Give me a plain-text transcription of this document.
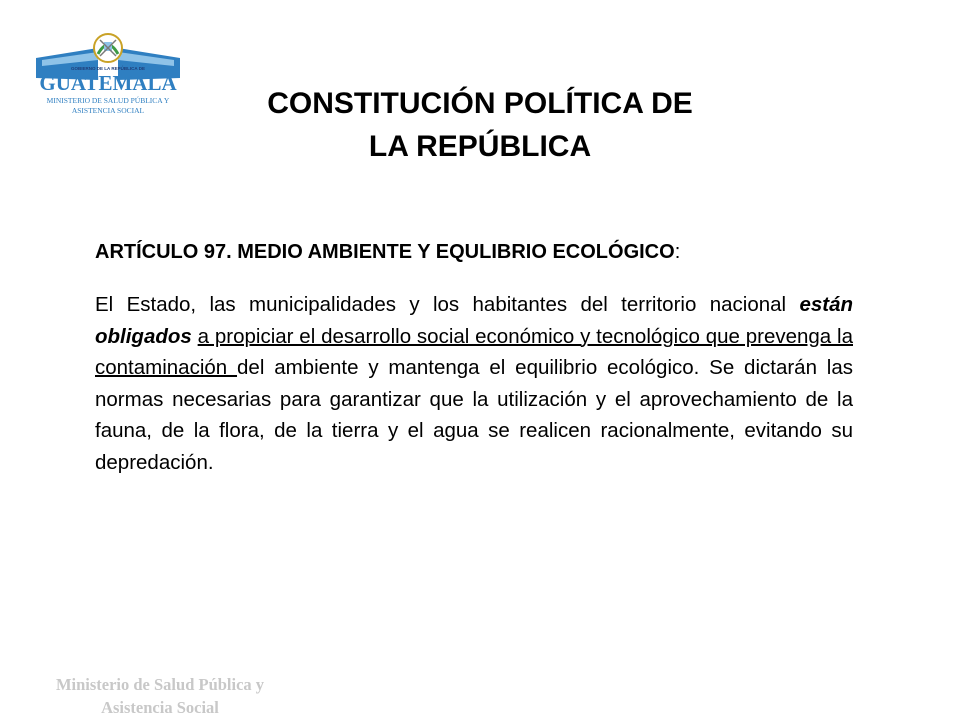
GOBIERNO DE LA REPÚBLICA DE
GUATEMALA
MINISTERIO DE SALUD PÚBLICA Y
ASISTENCIA SOCIAL	CONSTITUCIÓN POLÍTICA DE
LA REPÚBLICA

ARTÍCULO 97. MEDIO AMBIENTE Y EQULIBRIO ECOLÓGICO:

El Estado, las municipalidades y los habitantes del territorio nacional están obligados a propiciar el desarrollo social económico y tecnológico que prevenga la contaminación del ambiente y mantenga el equilibrio ecológico. Se dictarán las normas necesarias para garantizar que la utilización y el aprovechamiento de la fauna, de la flora, de la tierra y el agua se realicen racionalmente, evitando su depredación.

Ministerio de Salud Pública y
Asistencia Social
